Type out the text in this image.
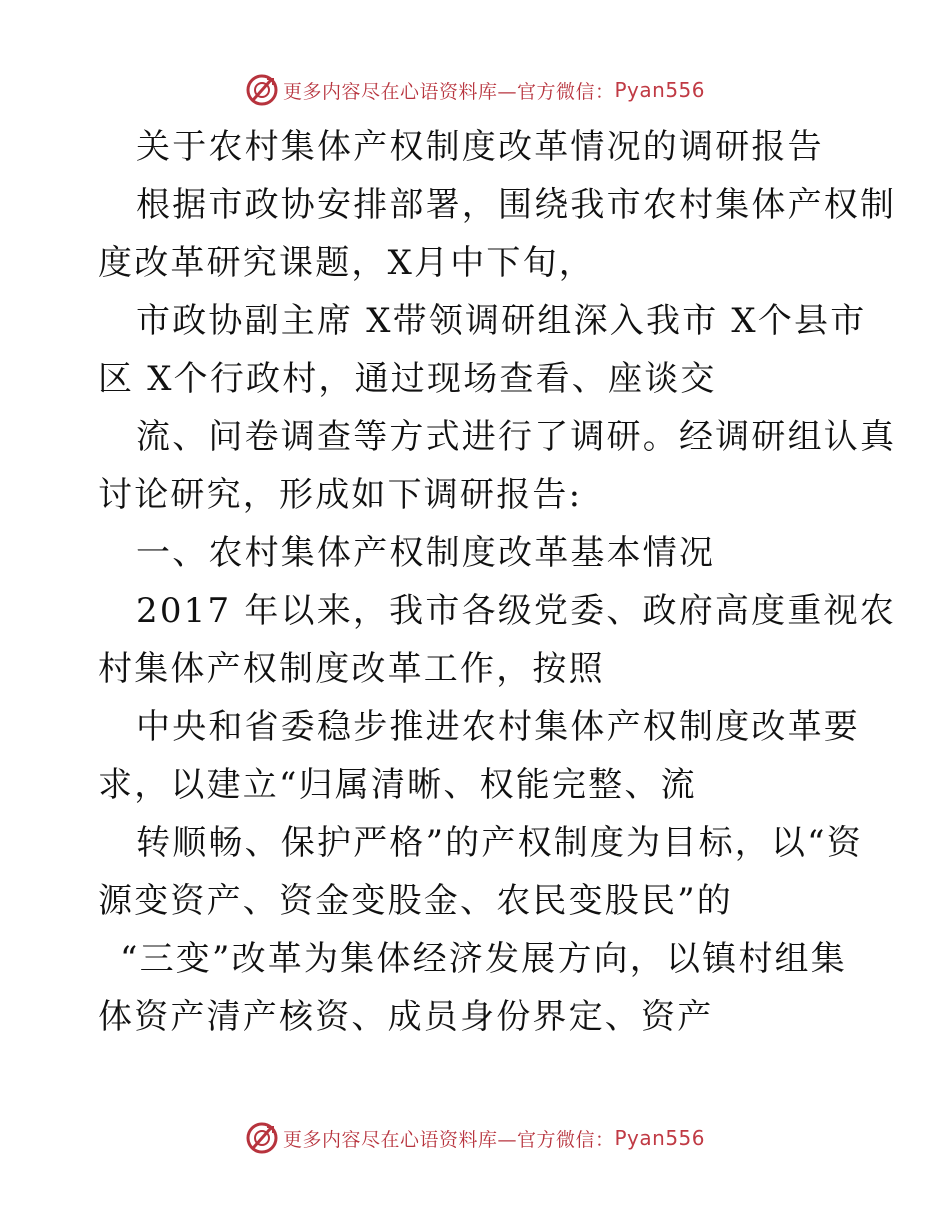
更多内容尽在心语资料库—官方微信： Pyan556
关于农村集体产权制度改革情况的调研报告
根据市政协安排部署，围绕我市农村集体产权制
度改革研究课题，X月中下旬，
市政协副主席 X带领调研组深入我市 X个县市
区 X个行政村，通过现场查看、座谈交
流、问卷调查等方式进行了调研。经调研组认真
讨论研究，形成如下调研报告:
一、农村集体产权制度改革基本情况
2017 年以来，我市各级党委、政府高度重视农
村集体产权制度改革工作，按照
中央和省委稳步推进农村集体产权制度改革要
求，以建立“归属清晰、权能完整、流
转顺畅、保护严格”的产权制度为目标，以“资
源变资产、资金变股金、农民变股民”的
“三变”改革为集体经济发展方向，以镇村组集
体资产清产核资、成员身份界定、资产
更多内容尽在心语资料库—官方微信： Pyan556
